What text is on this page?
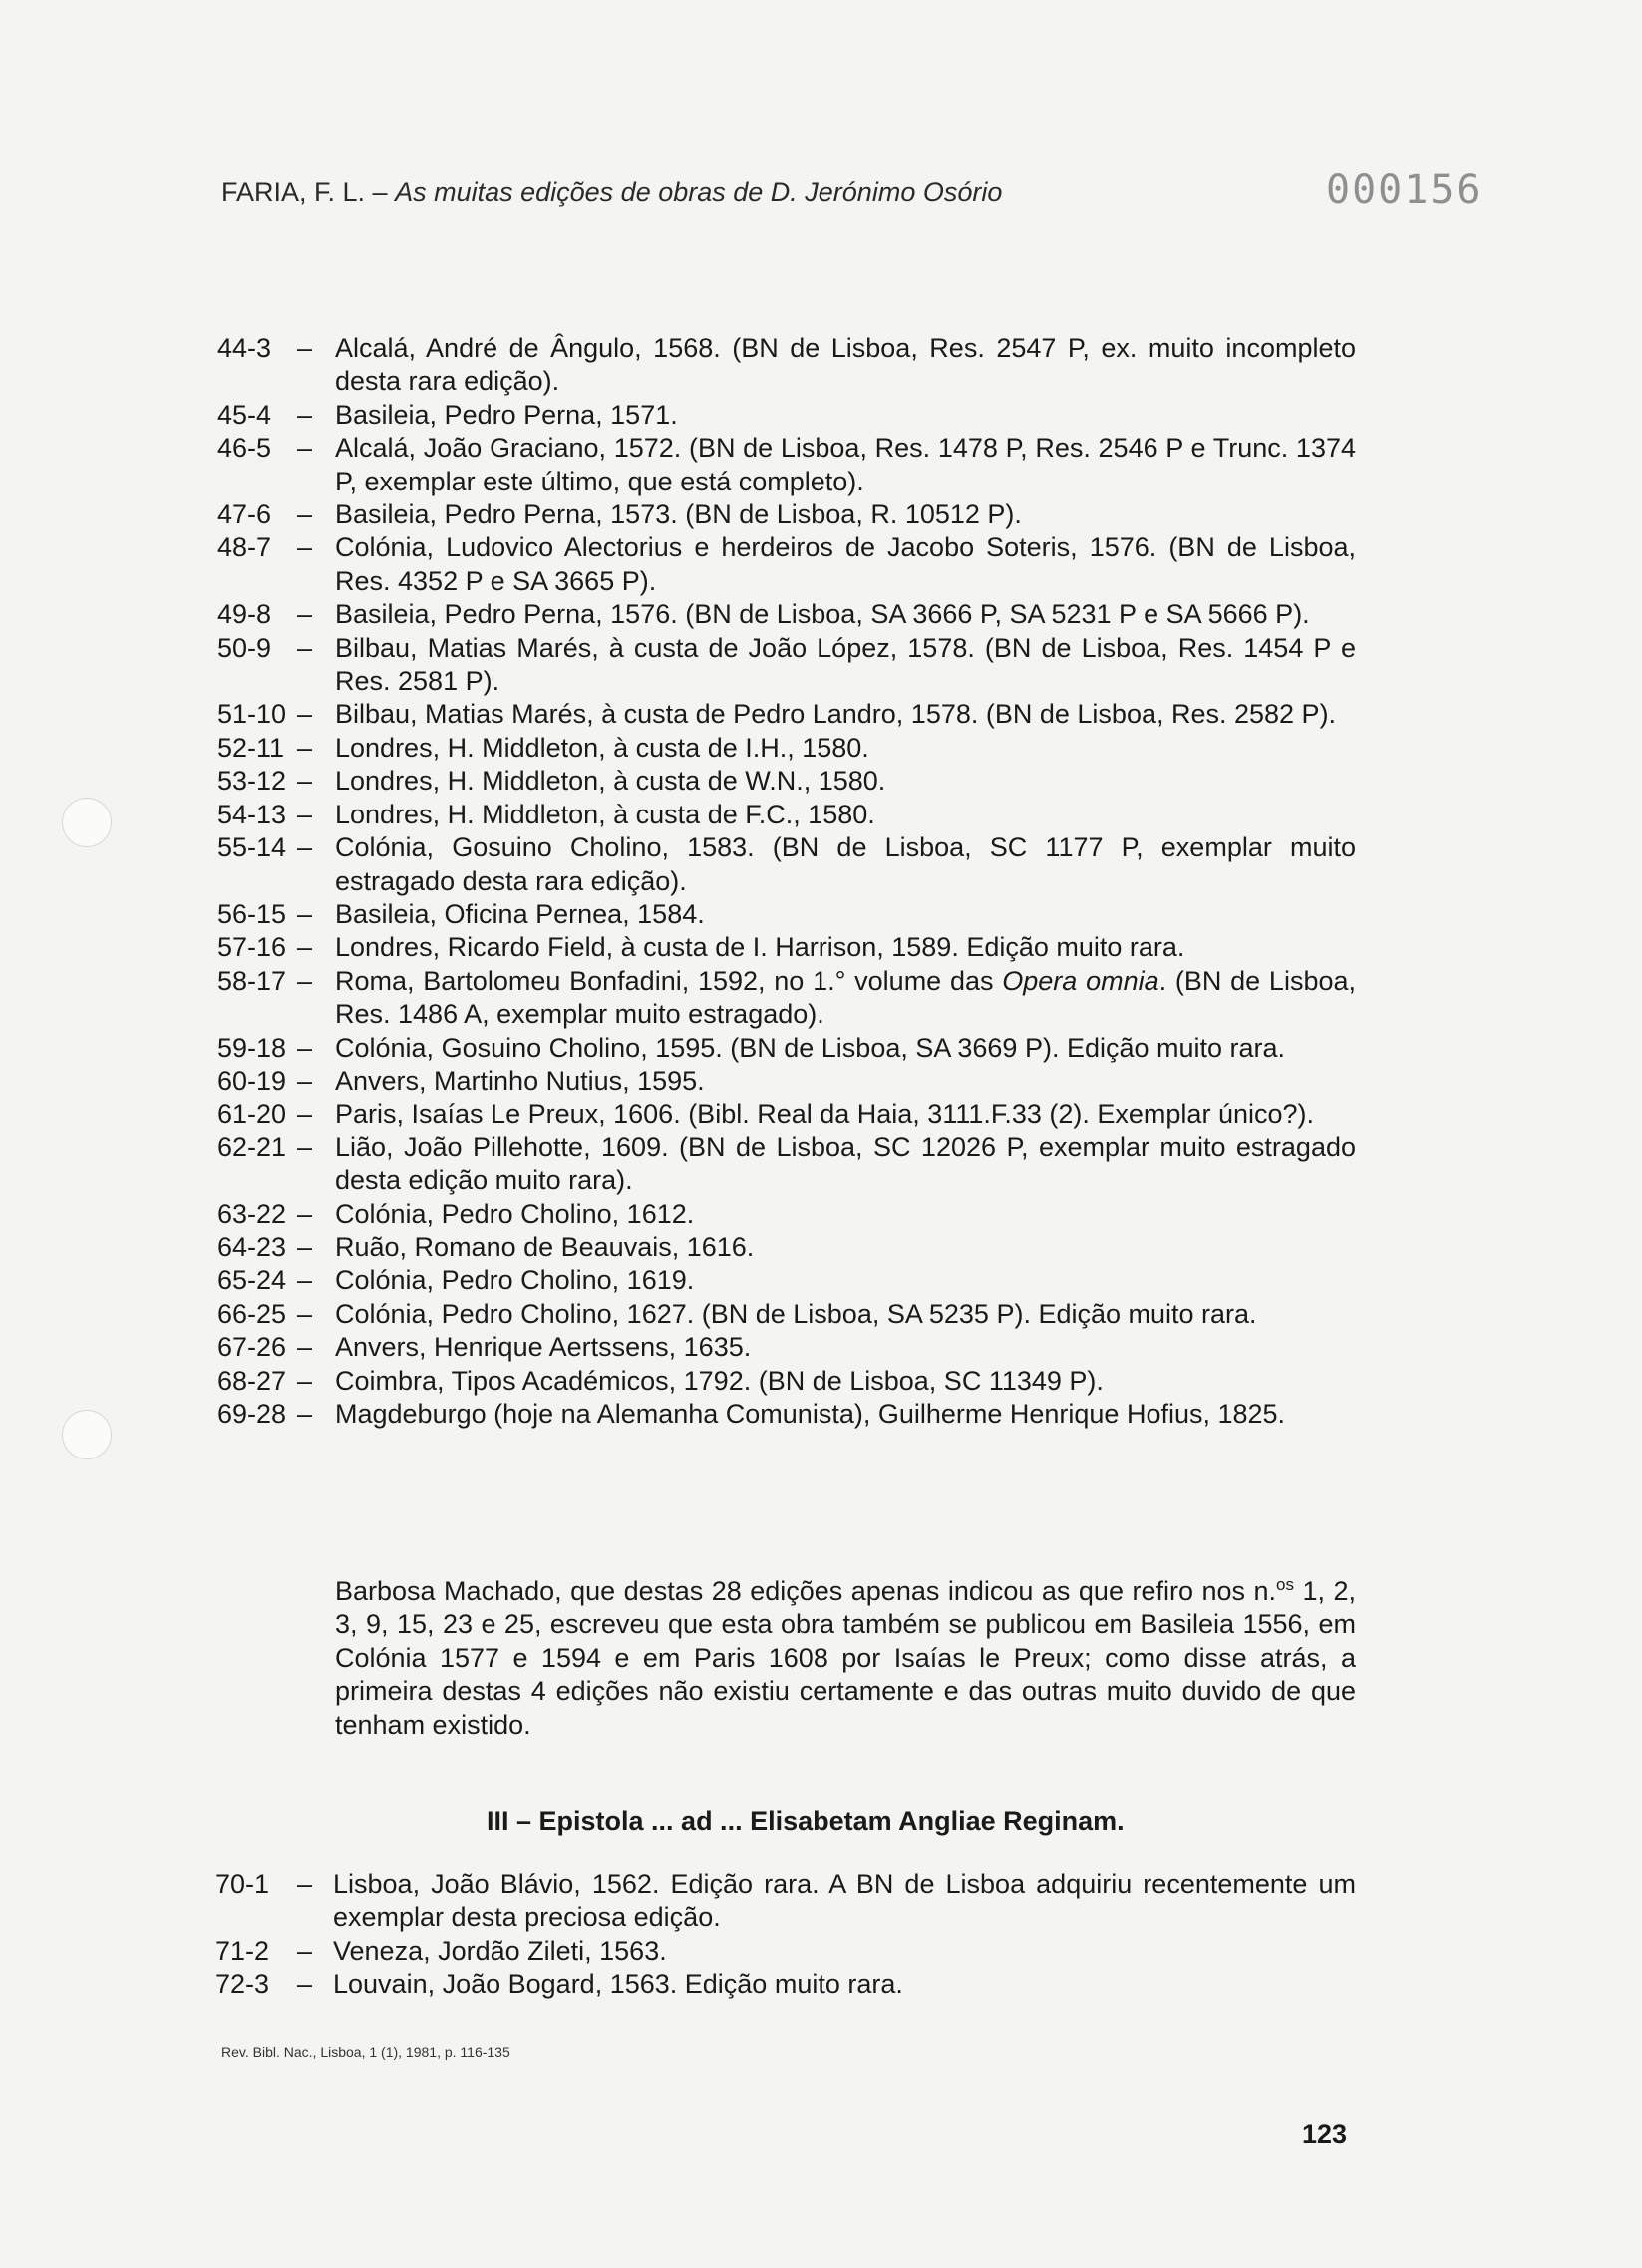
FARIA, F. L. – As muitas edições de obras de D. Jerónimo Osório	000156
44-3 – Alcalá, André de Ângulo, 1568. (BN de Lisboa, Res. 2547 P, ex. muito incompleto desta rara edição).
45-4 – Basileia, Pedro Perna, 1571.
46-5 – Alcalá, João Graciano, 1572. (BN de Lisboa, Res. 1478 P, Res. 2546 P e Trunc. 1374 P, exemplar este último, que está completo).
47-6 – Basileia, Pedro Perna, 1573. (BN de Lisboa, R. 10512 P).
48-7 – Colónia, Ludovico Alectorius e herdeiros de Jacobo Soteris, 1576. (BN de Lisboa, Res. 4352 P e SA 3665 P).
49-8 – Basileia, Pedro Perna, 1576. (BN de Lisboa, SA 3666 P, SA 5231 P e SA 5666 P).
50-9 – Bilbau, Matias Marés, à custa de João López, 1578. (BN de Lisboa, Res. 1454 P e Res. 2581 P).
51-10 – Bilbau, Matias Marés, à custa de Pedro Landro, 1578. (BN de Lisboa, Res. 2582 P).
52-11 – Londres, H. Middleton, à custa de I.H., 1580.
53-12 – Londres, H. Middleton, à custa de W.N., 1580.
54-13 – Londres, H. Middleton, à custa de F.C., 1580.
55-14 – Colónia, Gosuino Cholino, 1583. (BN de Lisboa, SC 1177 P, exemplar muito estragado desta rara edição).
56-15 – Basileia, Oficina Pernea, 1584.
57-16 – Londres, Ricardo Field, à custa de I. Harrison, 1589. Edição muito rara.
58-17 – Roma, Bartolomeu Bonfadini, 1592, no 1.° volume das Opera omnia. (BN de Lisboa, Res. 1486 A, exemplar muito estragado).
59-18 – Colónia, Gosuino Cholino, 1595. (BN de Lisboa, SA 3669 P). Edição muito rara.
60-19 – Anvers, Martinho Nutius, 1595.
61-20 – Paris, Isaías Le Preux, 1606. (Bibl. Real da Haia, 3111.F.33 (2). Exemplar único?).
62-21 – Lião, João Pillehotte, 1609. (BN de Lisboa, SC 12026 P, exemplar muito estragado desta edição muito rara).
63-22 – Colónia, Pedro Cholino, 1612.
64-23 – Ruão, Romano de Beauvais, 1616.
65-24 – Colónia, Pedro Cholino, 1619.
66-25 – Colónia, Pedro Cholino, 1627. (BN de Lisboa, SA 5235 P). Edição muito rara.
67-26 – Anvers, Henrique Aertssens, 1635.
68-27 – Coimbra, Tipos Académicos, 1792. (BN de Lisboa, SC 11349 P).
69-28 – Magdeburgo (hoje na Alemanha Comunista), Guilherme Henrique Hofius, 1825.
Barbosa Machado, que destas 28 edições apenas indicou as que refiro nos n.$^{os}$ 1, 2, 3, 9, 15, 23 e 25, escreveu que esta obra também se publicou em Basileia 1556, em Colónia 1577 e 1594 e em Paris 1608 por Isaías le Preux; como disse atrás, a primeira destas 4 edições não existiu certamente e das outras muito duvido de que tenham existido.
III – Epistola ... ad ... Elisabetam Angliae Reginam.
70-1	– Lisboa, João Blávio, 1562. Edição rara. A BN de Lisboa adquiriu recentemente um exemplar desta preciosa edição.
71-2	– Veneza, Jordão Zileti, 1563.
72-3	– Louvain, João Bogard, 1563. Edição muito rara.
Rev. Bibl. Nac., Lisboa, 1 (1), 1981, p. 116-135
123
